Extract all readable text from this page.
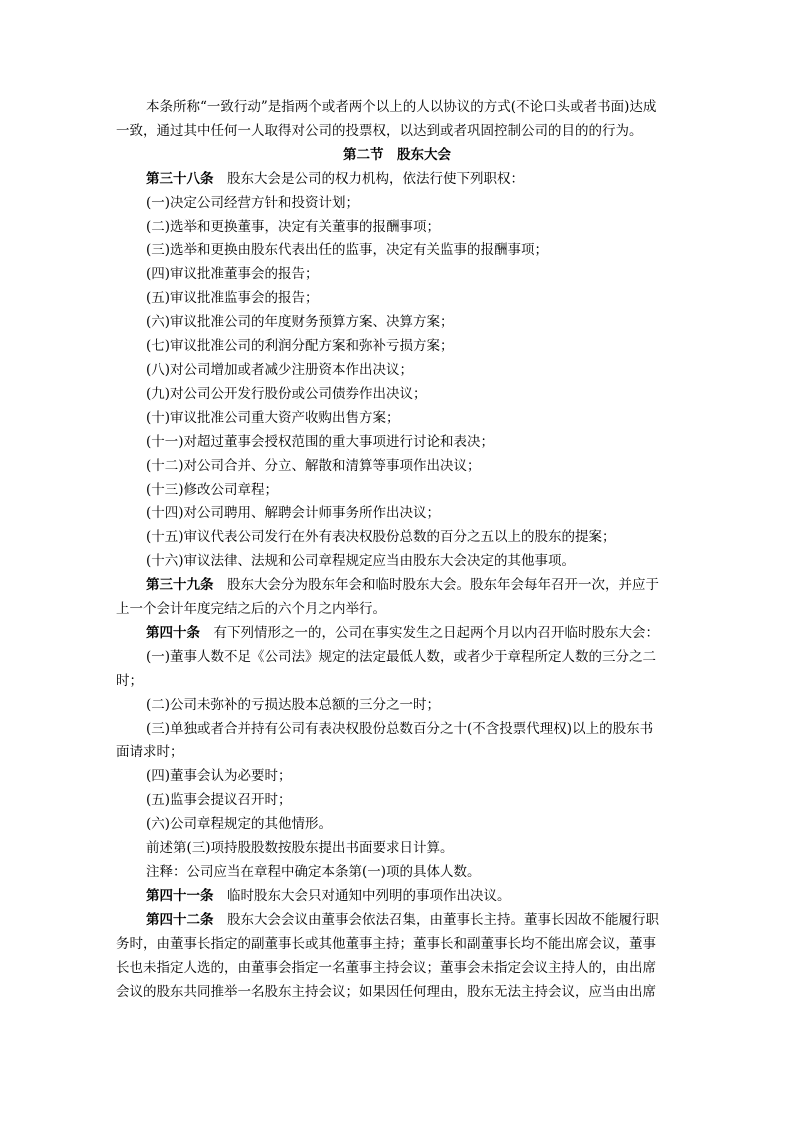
本条所称“一致行动”是指两个或者两个以上的人以协议的方式(不论口头或者书面)达成

一致，通过其中任何一人取得对公司的投票权，以达到或者巩固控制公司的目的的行为。

第二节　股东大会

第三十八条　股东大会是公司的权力机构，依法行使下列职权：

(一)决定公司经营方针和投资计划；

(二)选举和更换董事，决定有关董事的报酬事项；

(三)选举和更换由股东代表出任的监事，决定有关监事的报酬事项；

(四)审议批准董事会的报告；

(五)审议批准监事会的报告；

(六)审议批准公司的年度财务预算方案、决算方案；

(七)审议批准公司的利润分配方案和弥补亏损方案；

(八)对公司增加或者减少注册资本作出决议；

(九)对公司公开发行股份或公司债券作出决议；

(十)审议批准公司重大资产收购出售方案；

(十一)对超过董事会授权范围的重大事项进行讨论和表决；

(十二)对公司合并、分立、解散和清算等事项作出决议；

(十三)修改公司章程；

(十四)对公司聘用、解聘会计师事务所作出决议；

(十五)审议代表公司发行在外有表决权股份总数的百分之五以上的股东的提案；

(十六)审议法律、法规和公司章程规定应当由股东大会决定的其他事项。

第三十九条　股东大会分为股东年会和临时股东大会。股东年会每年召开一次，并应于

上一个会计年度完结之后的六个月之内举行。

第四十条　有下列情形之一的，公司在事实发生之日起两个月以内召开临时股东大会：

(一)董事人数不足《公司法》规定的法定最低人数，或者少于章程所定人数的三分之二

时；

(二)公司未弥补的亏损达股本总额的三分之一时；

(三)单独或者合并持有公司有表决权股份总数百分之十(不含投票代理权)以上的股东书

面请求时；

(四)董事会认为必要时；

(五)监事会提议召开时；

(六)公司章程规定的其他情形。

前述第(三)项持股股数按股东提出书面要求日计算。

注释：公司应当在章程中确定本条第(一)项的具体人数。

第四十一条　临时股东大会只对通知中列明的事项作出决议。

第四十二条　股东大会会议由董事会依法召集，由董事长主持。董事长因故不能履行职

务时，由董事长指定的副董事长或其他董事主持；董事长和副董事长均不能出席会议，董事

长也未指定人选的，由董事会指定一名董事主持会议；董事会未指定会议主持人的，由出席

会议的股东共同推举一名股东主持会议；如果因任何理由，股东无法主持会议，应当由出席
